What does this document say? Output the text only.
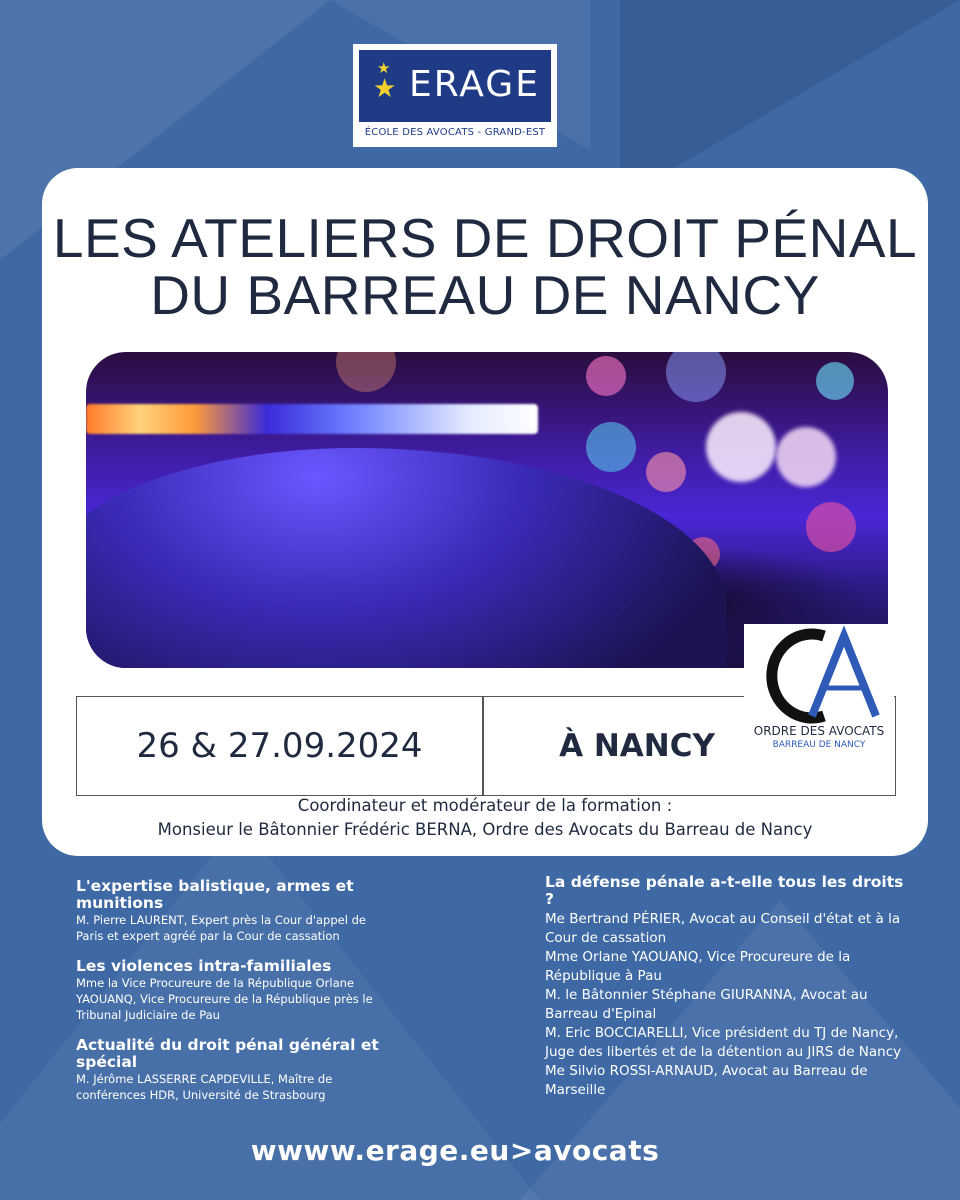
★
★ ERAGE
ÉCOLE DES AVOCATS - GRAND-EST
LES ATELIERS DE DROIT PÉNAL
DU BARREAU DE NANCY
26 & 27.09.2024	À NANCY	ORDRE DES AVOCATS
BARREAU DE NANCY
Coordinateur et modérateur de la formation :
Monsieur le Bâtonnier Frédéric BERNA, Ordre des Avocats du Barreau de Nancy
L'expertise balistique, armes et munitions
M. Pierre LAURENT, Expert près la Cour d'appel de Paris et expert agréé par la Cour de cassation
Les violences intra-familiales
Mme la Vice Procureure de la République Orlane YAOUANQ, Vice Procureure de la République près le Tribunal Judiciaire de Pau
Actualité du droit pénal général et spécial
M. Jérôme LASSERRE CAPDEVILLE, Maître de conférences HDR, Université de Strasbourg
La défense pénale a-t-elle tous les droits ?
Me Bertrand PÉRIER, Avocat au Conseil d'état et à la Cour de cassation
Mme Orlane YAOUANQ, Vice Procureure de la République à Pau
M. le Bâtonnier Stéphane GIURANNA, Avocat au Barreau d'Epinal
M. Eric BOCCIARELLI, Vice président du TJ de Nancy, Juge des libertés et de la détention au JIRS de Nancy
Me Silvio ROSSI-ARNAUD, Avocat au Barreau de Marseille
wwww.erage.eu>avocats
